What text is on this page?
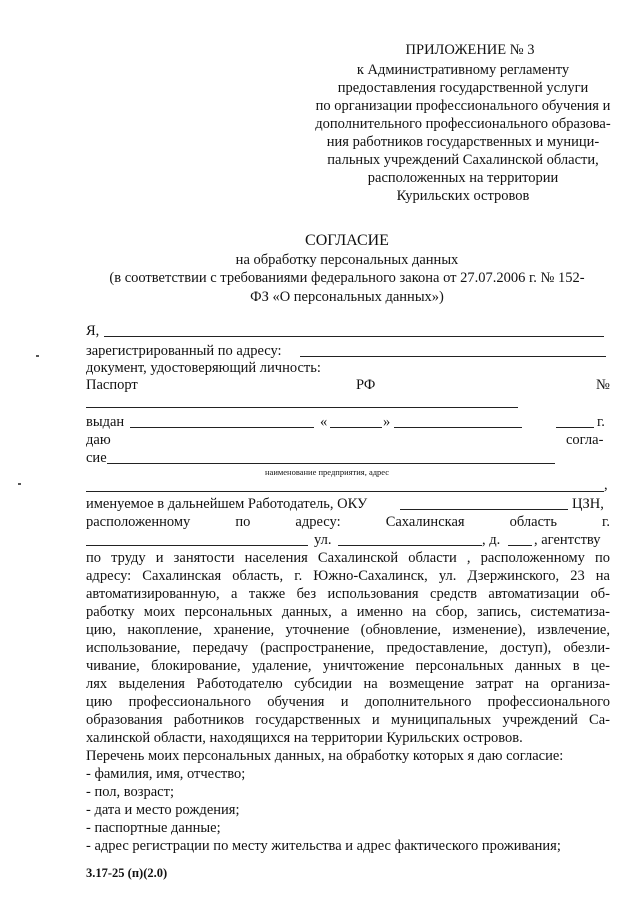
ПРИЛОЖЕНИЕ № 3
к Административному регламенту
предоставления государственной услуги
по организации профессионального обучения и
дополнительного профессионального образова-
ния работников государственных и муници-
пальных учреждений Сахалинской области,
расположенных на территории
Курильских островов
СОГЛАСИЕ
на обработку персональных данных
(в соответствии с требованиями федерального закона от 27.07.2006 г. № 152-
ФЗ «О персональных данных»)
Я,
зарегистрированный по адресу:
документ, удостоверяющий личность:
Паспорт	РФ	№
выдан	«	»	г.
даю	согла-
сие
наименование предприятия, адрес
,
именуемое в дальнейшем Работодатель, ОКУ	ЦЗН,
расположенному	по	адресу:	Сахалинская	область	г.
ул.	, д. , агентству
по труду и занятости населения Сахалинской области , расположенному по
адресу: Сахалинская область, г. Южно-Сахалинск, ул. Дзержинского, 23 на
автоматизированную, а также без использования средств автоматизации об-
работку моих персональных данных, а именно на сбор, запись, систематиза-
цию, накопление, хранение, уточнение (обновление, изменение), извлечение,
использование, передачу (распространение, предоставление, доступ), обезли-
чивание, блокирование, удаление, уничтожение персональных данных в це-
лях выделения Работодателю субсидии на возмещение затрат на организа-
цию профессионального обучения и дополнительного профессионального
образования работников государственных и муниципальных учреждений Са-
халинской области, находящихся на территории Курильских островов.
Перечень моих персональных данных, на обработку которых я даю согласие:
- фамилия, имя, отчество;
- пол, возраст;
- дата и место рождения;
- паспортные данные;
- адрес регистрации по месту жительства и адрес фактического проживания;
3.17-25 (п)(2.0)
